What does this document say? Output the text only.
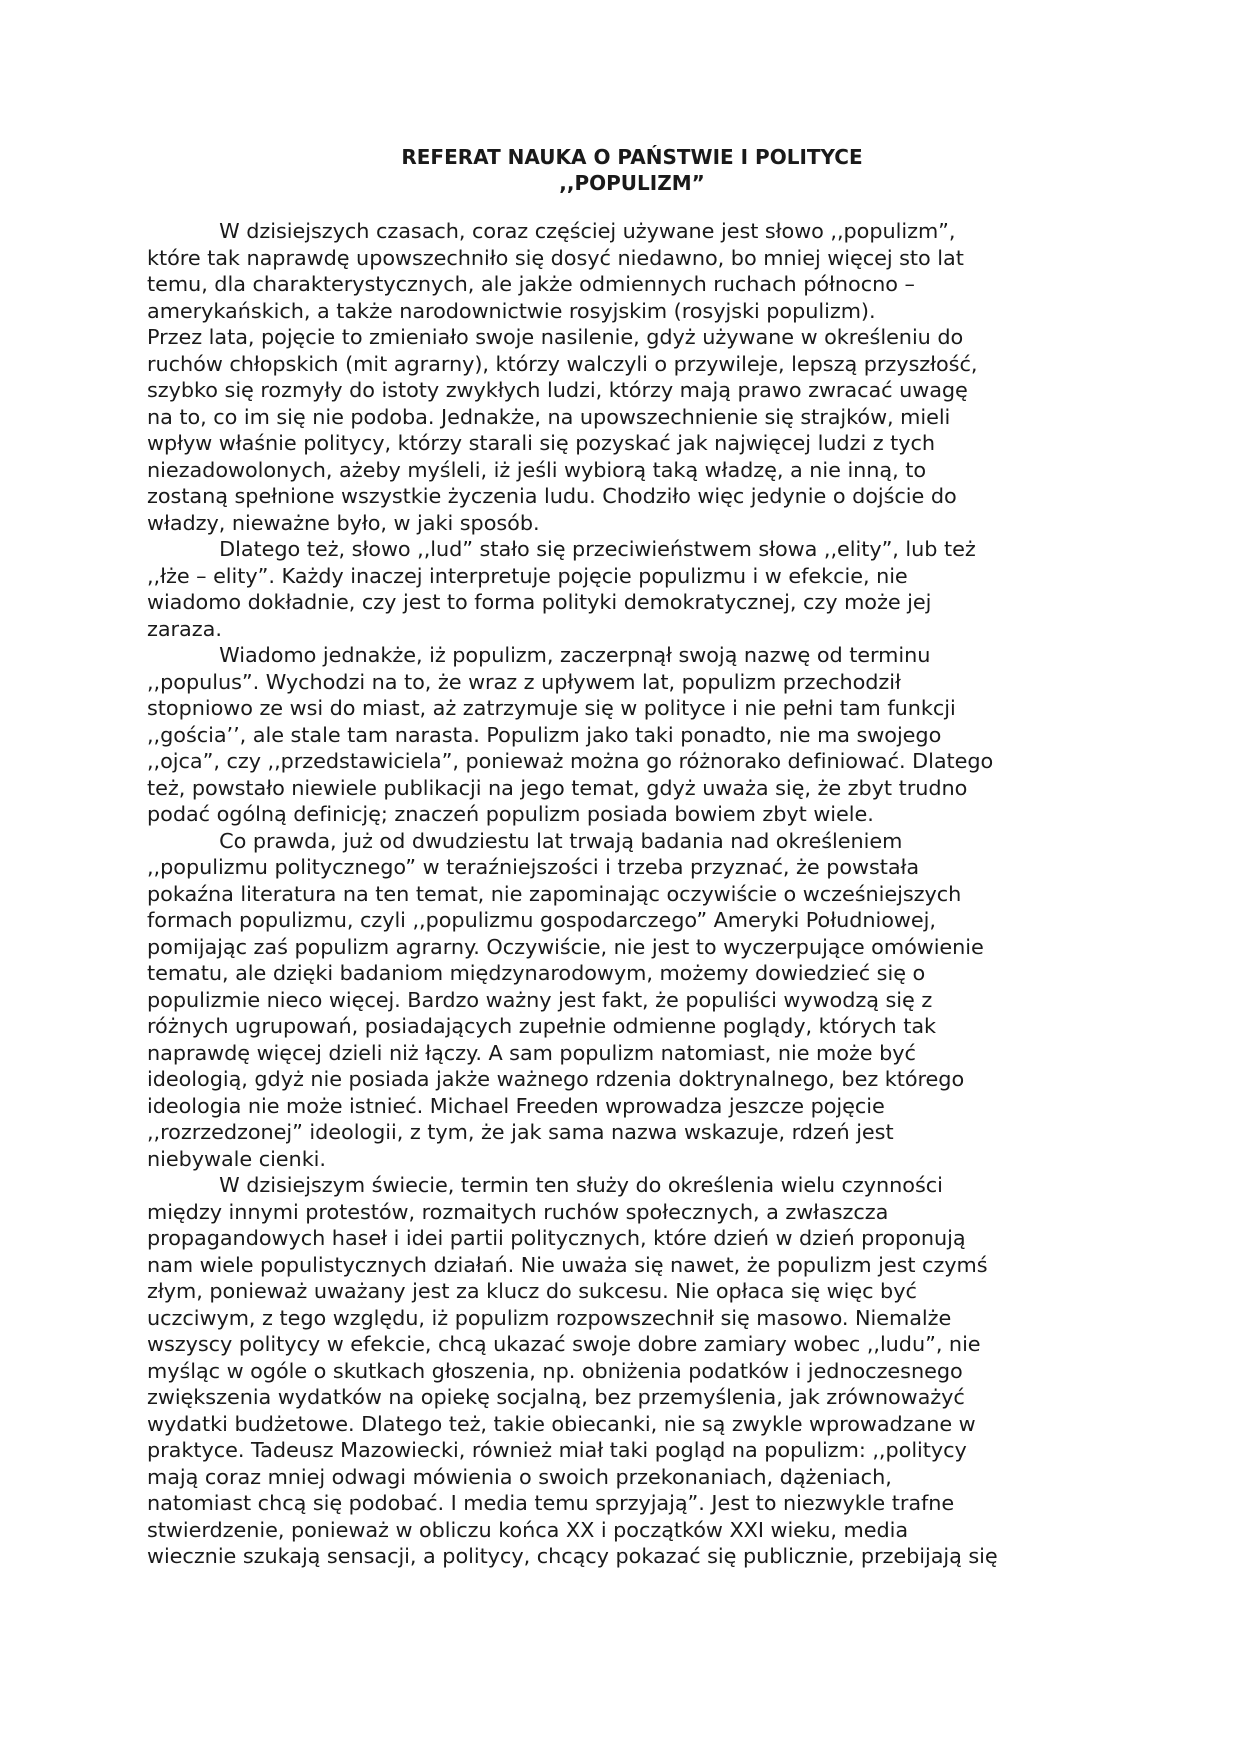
REFERAT NAUKA O PAŃSTWIE I POLITYCE
,,POPULIZM”
W dzisiejszych czasach, coraz częściej używane jest słowo ,,populizm”,
które tak naprawdę upowszechniło się dosyć niedawno, bo mniej więcej sto lat
temu, dla charakterystycznych, ale jakże odmiennych ruchach północno –
amerykańskich, a także narodownictwie rosyjskim (rosyjski populizm).
Przez lata, pojęcie to zmieniało swoje nasilenie, gdyż używane w określeniu do
ruchów chłopskich (mit agrarny), którzy walczyli o przywileje, lepszą przyszłość,
szybko się rozmyły do istoty zwykłych ludzi, którzy mają prawo zwracać uwagę
na to, co im się nie podoba. Jednakże, na upowszechnienie się strajków, mieli
wpływ właśnie politycy, którzy starali się pozyskać jak najwięcej ludzi z tych
niezadowolonych, ażeby myśleli, iż jeśli wybiorą taką władzę, a nie inną, to
zostaną spełnione wszystkie życzenia ludu. Chodziło więc jedynie o dojście do
władzy, nieważne było, w jaki sposób.
Dlatego też, słowo ,,lud” stało się przeciwieństwem słowa ,,elity”, lub też
,,łże – elity”. Każdy inaczej interpretuje pojęcie populizmu i w efekcie, nie
wiadomo dokładnie, czy jest to forma polityki demokratycznej, czy może jej
zaraza.
Wiadomo jednakże, iż populizm, zaczerpnął swoją nazwę od terminu
,,populus”. Wychodzi na to, że wraz z upływem lat, populizm przechodził
stopniowo ze wsi do miast, aż zatrzymuje się w polityce i nie pełni tam funkcji
,,gościa’’, ale stale tam narasta. Populizm jako taki ponadto, nie ma swojego
,,ojca”, czy ,,przedstawiciela”, ponieważ można go różnorako definiować. Dlatego
też, powstało niewiele publikacji na jego temat, gdyż uważa się, że zbyt trudno
podać ogólną definicję; znaczeń populizm posiada bowiem zbyt wiele.
Co prawda, już od dwudziestu lat trwają badania nad określeniem
,,populizmu politycznego” w teraźniejszości i trzeba przyznać, że powstała
pokaźna literatura na ten temat, nie zapominając oczywiście o wcześniejszych
formach populizmu, czyli ,,populizmu gospodarczego” Ameryki Południowej,
pomijając zaś populizm agrarny. Oczywiście, nie jest to wyczerpujące omówienie
tematu, ale dzięki badaniom międzynarodowym, możemy dowiedzieć się o
populizmie nieco więcej. Bardzo ważny jest fakt, że populiści wywodzą się z
różnych ugrupowań, posiadających zupełnie odmienne poglądy, których tak
naprawdę więcej dzieli niż łączy. A sam populizm natomiast, nie może być
ideologią, gdyż nie posiada jakże ważnego rdzenia doktrynalnego, bez którego
ideologia nie może istnieć. Michael Freeden wprowadza jeszcze pojęcie
,,rozrzedzonej” ideologii, z tym, że jak sama nazwa wskazuje, rdzeń jest
niebywale cienki.
W dzisiejszym świecie, termin ten służy do określenia wielu czynności
między innymi protestów, rozmaitych ruchów społecznych, a zwłaszcza
propagandowych haseł i idei partii politycznych, które dzień w dzień proponują
nam wiele populistycznych działań. Nie uważa się nawet, że populizm jest czymś
złym, ponieważ uważany jest za klucz do sukcesu. Nie opłaca się więc być
uczciwym, z tego względu, iż populizm rozpowszechnił się masowo. Niemalże
wszyscy politycy w efekcie, chcą ukazać swoje dobre zamiary wobec ,,ludu”, nie
myśląc w ogóle o skutkach głoszenia, np. obniżenia podatków i jednoczesnego
zwiększenia wydatków na opiekę socjalną, bez przemyślenia, jak zrównoważyć
wydatki budżetowe. Dlatego też, takie obiecanki, nie są zwykle wprowadzane w
praktyce. Tadeusz Mazowiecki, również miał taki pogląd na populizm: ,,politycy
mają coraz mniej odwagi mówienia o swoich przekonaniach, dążeniach,
natomiast chcą się podobać. I media temu sprzyjają”. Jest to niezwykle trafne
stwierdzenie, ponieważ w obliczu końca XX i początków XXI wieku, media
wiecznie szukają sensacji, a politycy, chcący pokazać się publicznie, przebijają się
